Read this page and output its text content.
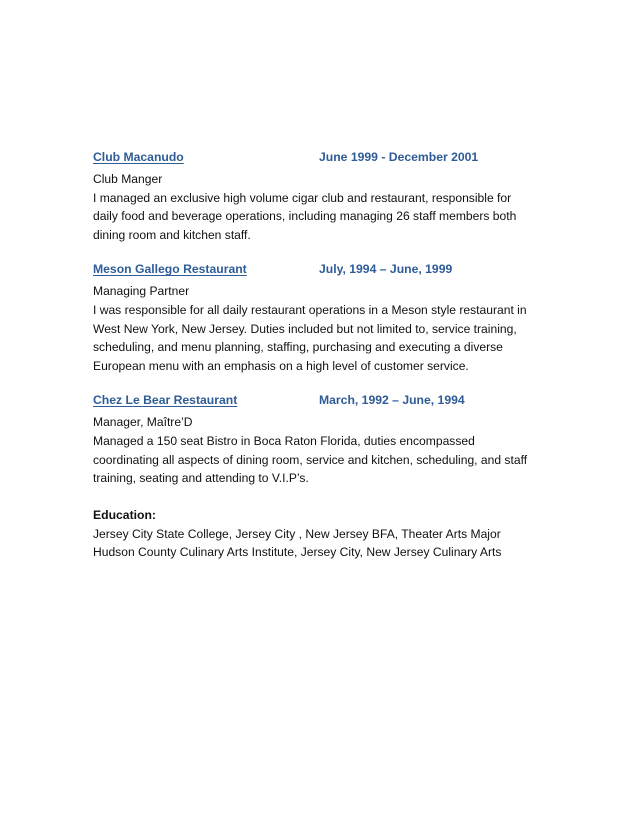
Club Macanudo	June 1999 - December 2001
Club Manger
I managed an exclusive high volume cigar club and restaurant, responsible for daily food and beverage operations, including managing 26 staff members both dining room and kitchen staff.
Meson Gallego Restaurant	July, 1994 – June, 1999
Managing Partner
I was responsible for all daily restaurant operations in a Meson style restaurant in West New York, New Jersey. Duties included but not limited to, service training, scheduling, and menu planning, staffing, purchasing and executing a diverse European menu with an emphasis on a high level of customer service.
Chez Le Bear Restaurant	March, 1992 – June, 1994
Manager, Maître’D
Managed a 150 seat Bistro in Boca Raton Florida, duties encompassed coordinating all aspects of dining room, service and kitchen, scheduling, and staff training, seating and attending to V.I.P’s.
Education:
Jersey City State College, Jersey City , New Jersey BFA, Theater Arts Major
Hudson County Culinary Arts Institute, Jersey City, New Jersey Culinary Arts
